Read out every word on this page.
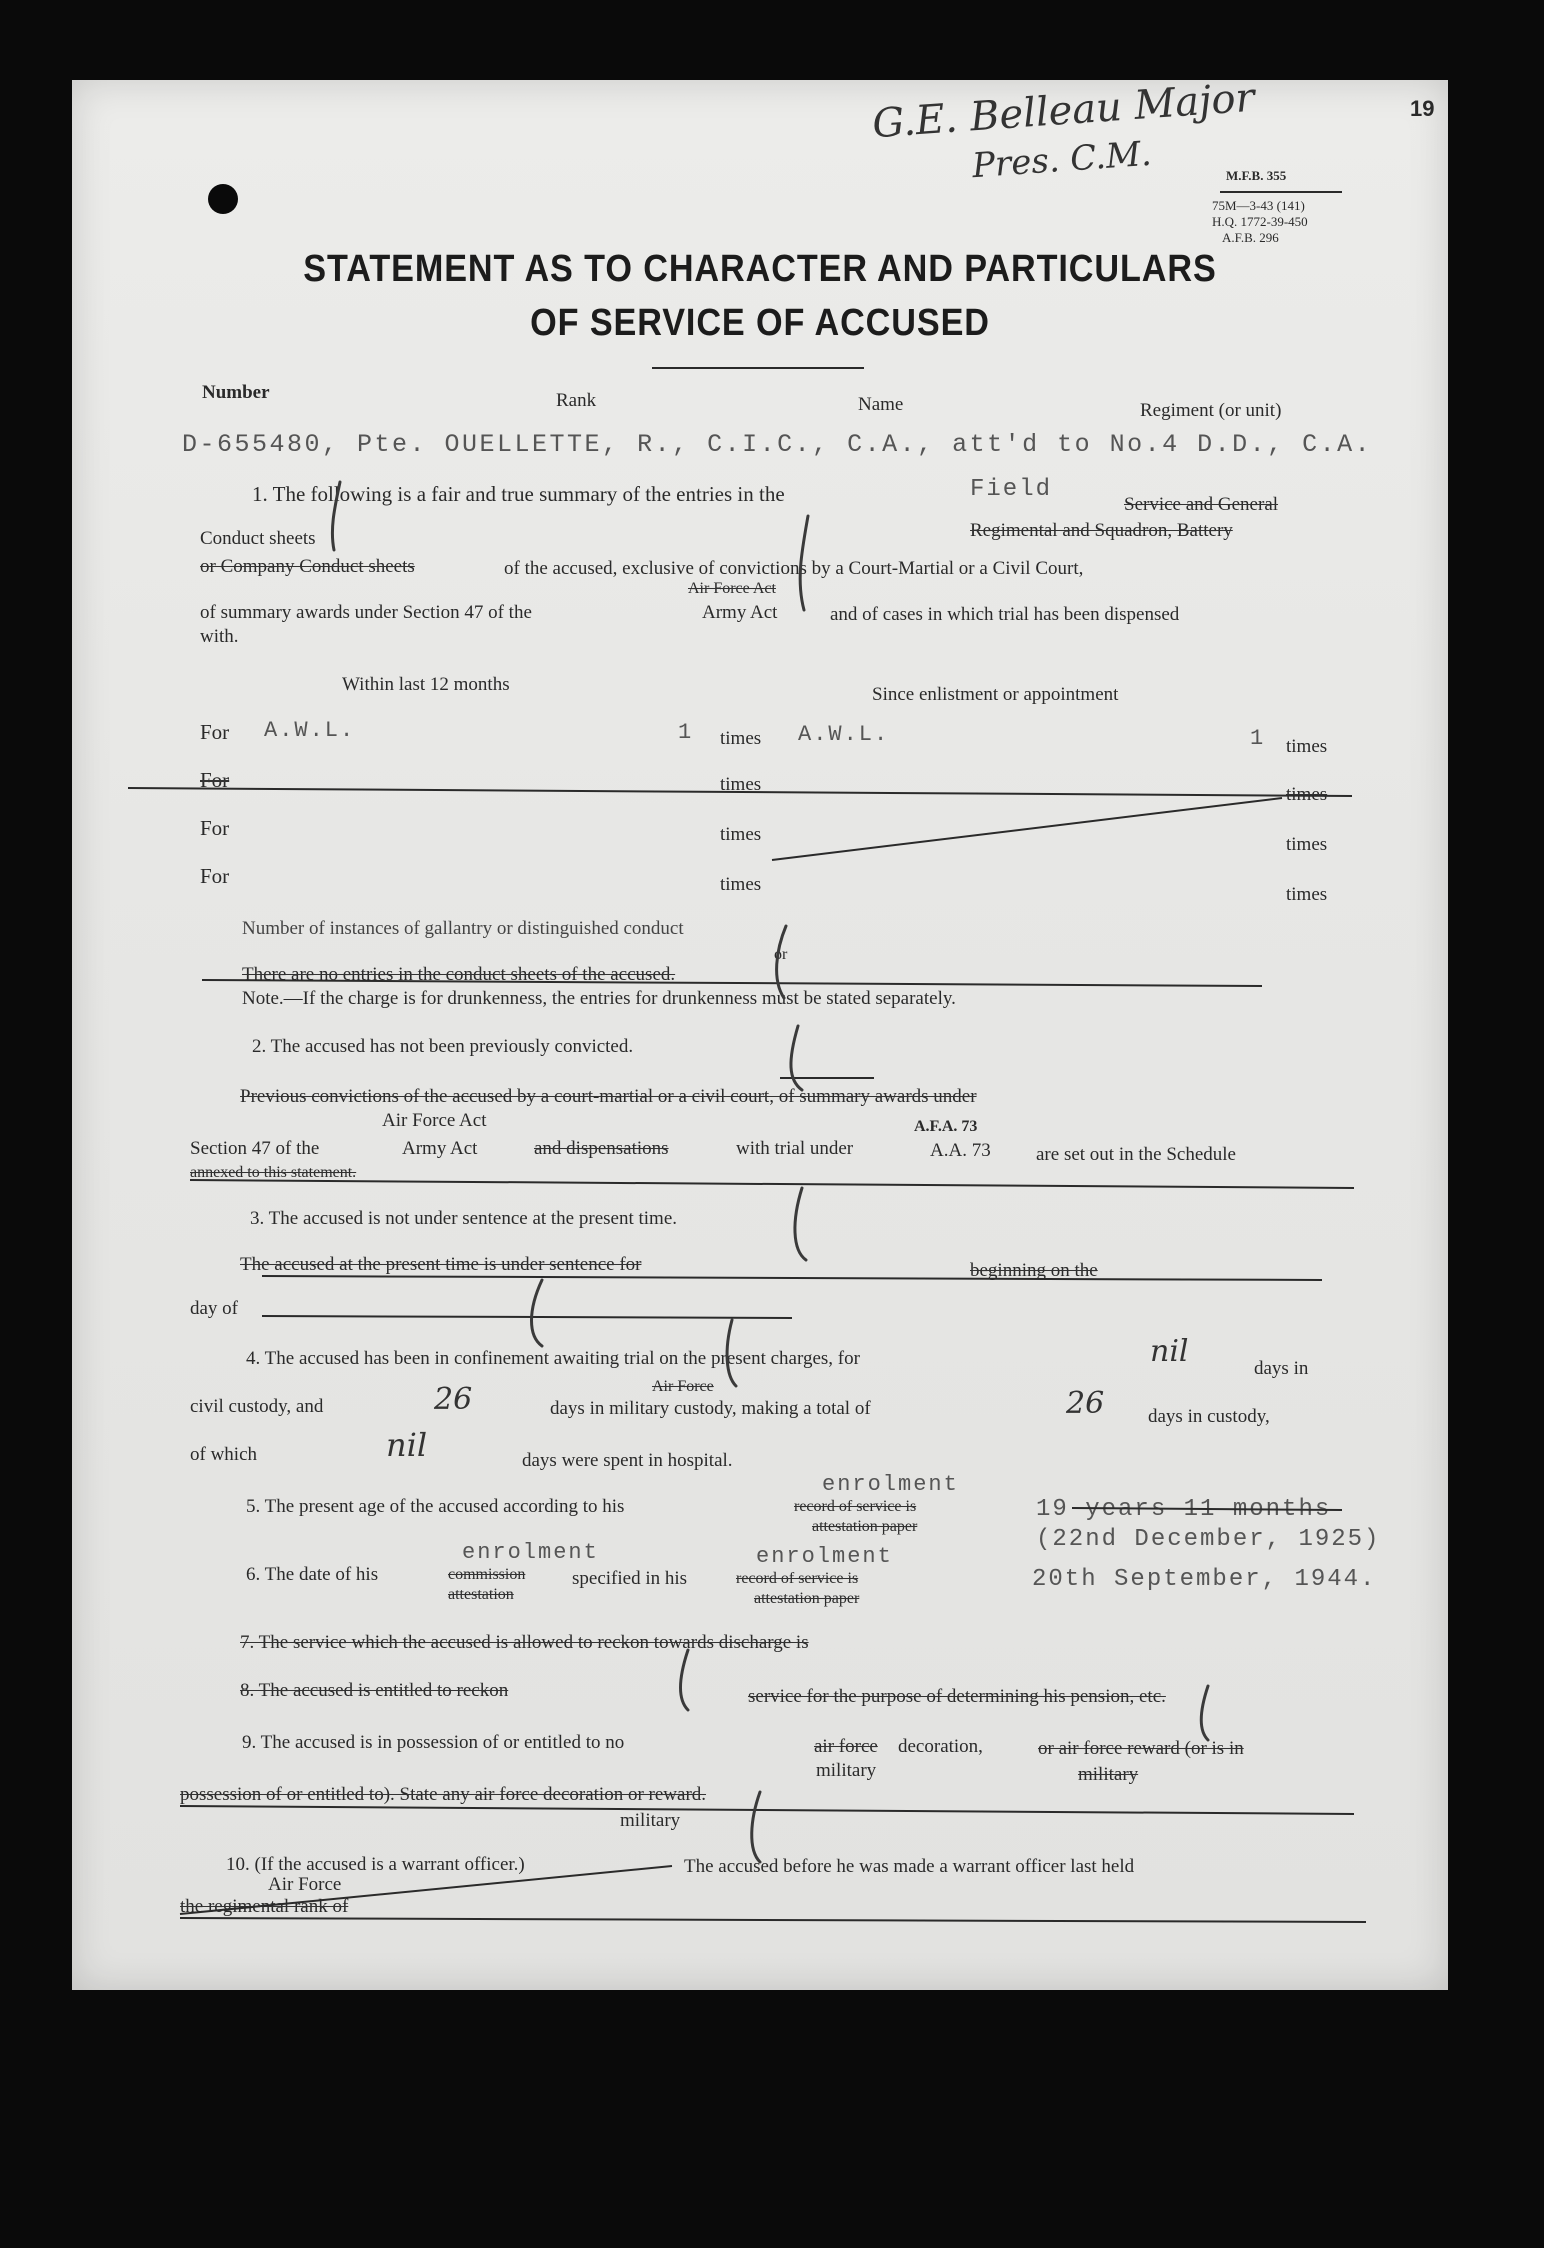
G.E. Belleau Major
Pres. C.M.
19
M.F.B. 355
75M—3-43 (141)
H.Q. 1772-39-450
A.F.B. 296
STATEMENT AS TO CHARACTER AND PARTICULARS
OF SERVICE OF ACCUSED
Number	Rank	Name	Regiment (or unit)
D-655480, Pte. OUELLETTE, R., C.I.C., C.A., att'd to No.4 D.D., C.A.
1. The following is a fair and true summary of the entries in the	Field
Service and General
Regimental and Squadron, Battery
Conduct sheets
or Company Conduct sheets	of the accused, exclusive of convictions by a Court-Martial or a Civil Court,
Air Force Act
of summary awards under Section 47 of the	Army Act	and of cases in which trial has been dispensed
with.
Within last 12 months	Since enlistment or appointment
For A.W.L.	1 times A.W.L.	1 times
For	times	times
For	times	times
For	times	times
Number of instances of gallantry or distinguished conduct
or
There are no entries in the conduct sheets of the accused.
Note.—If the charge is for drunkenness, the entries for drunkenness must be stated separately.
2. The accused has not been previously convicted.
Previous convictions of the accused by a court-martial or a civil court, of summary awards under
Air Force Act	A.F.A. 73
Section 47 of the	Army Act	and dispensations	with trial under	A.A. 73 are set out in the Schedule
annexed to this statement.
3. The accused is not under sentence at the present time.
The accused at the present time is under sentence for	beginning on the
day of
4. The accused has been in confinement awaiting trial on the present charges, for	nil	days in
civil custody, and	26	Air Force
days in military custody, making a total of	26 days in custody,
of which	nil	days were spent in hospital.
5. The present age of the accused according to his
enrolment
record of service is
attestation paper
19 years 11 months
(22nd December, 1925)
enrolment	enrolment
6. The date of his	commission
attestation
specified in his	record of service is
attestation paper
20th September, 1944.
7. The service which the accused is allowed to reckon towards discharge is
8. The accused is entitled to reckon	service for the purpose of determining his pension, etc.
9. The accused is in possession of or entitled to no	air force decoration,	or air force reward (or is in
military	military
possession of or entitled to). State any air force decoration or reward.
military
10. (If the accused is a warrant officer.)	The accused before he was made a warrant officer last held
Air Force
the regimental rank of
